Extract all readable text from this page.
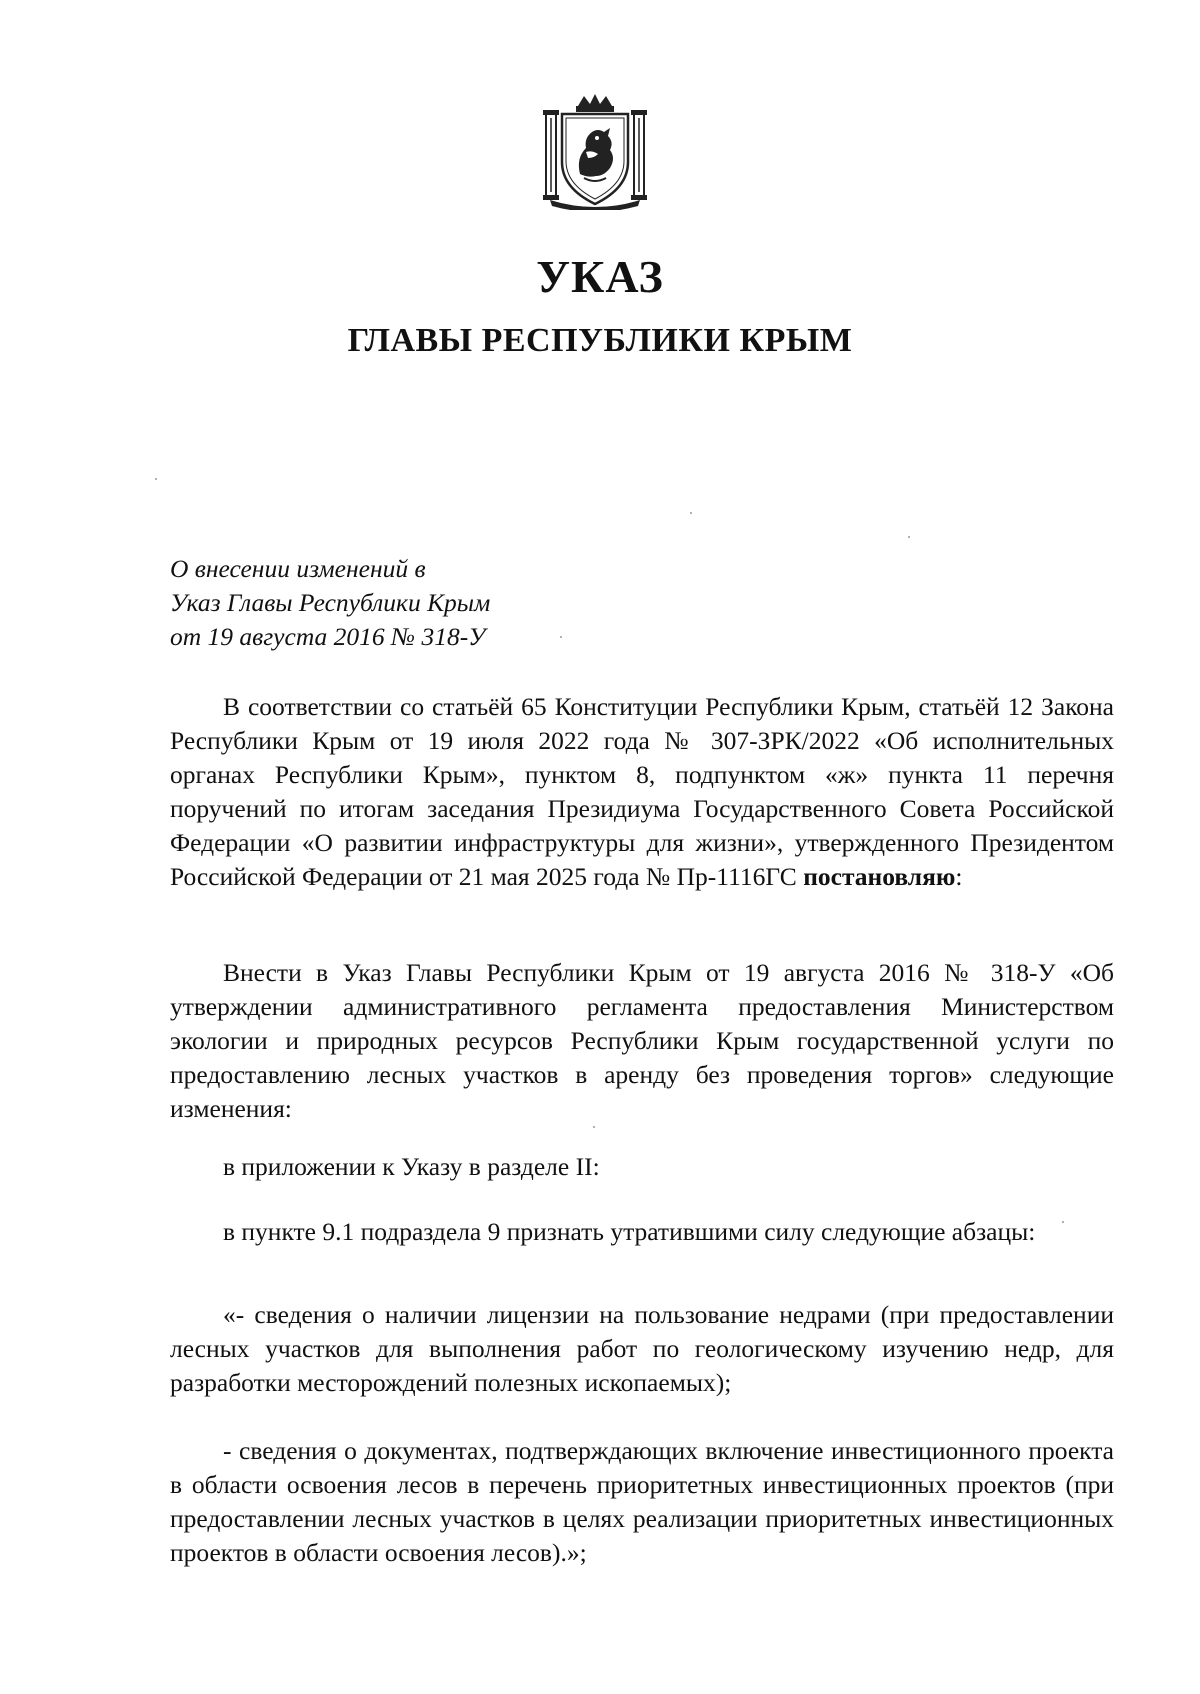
УКАЗ
ГЛАВЫ РЕСПУБЛИКИ КРЫМ
О внесении изменений в
Указ Главы Республики Крым
от 19 августа 2016 № 318-У

В соответствии со статьёй 65 Конституции Республики Крым, статьёй 12 Закона Республики Крым от 19 июля 2022 года № 307-ЗРК/2022 «Об исполнительных органах Республики Крым», пунктом 8, подпунктом «ж» пункта 11 перечня поручений по итогам заседания Президиума Государственного Совета Российской Федерации «О развитии инфраструктуры для жизни», утвержденного Президентом Российской Федерации от 21 мая 2025 года № Пр-1116ГС постановляю:

Внести в Указ Главы Республики Крым от 19 августа 2016 № 318-У «Об утверждении административного регламента предоставления Министерством экологии и природных ресурсов Республики Крым государственной услуги по предоставлению лесных участков в аренду без проведения торгов» следующие изменения:

в приложении к Указу в разделе II:

в пункте 9.1 подраздела 9 признать утратившими силу следующие абзацы:

«- сведения о наличии лицензии на пользование недрами (при предоставлении лесных участков для выполнения работ по геологическому изучению недр, для разработки месторождений полезных ископаемых);

- сведения о документах, подтверждающих включение инвестиционного проекта в области освоения лесов в перечень приоритетных инвестиционных проектов (при предоставлении лесных участков в целях реализации приоритетных инвестиционных проектов в области освоения лесов).»;
